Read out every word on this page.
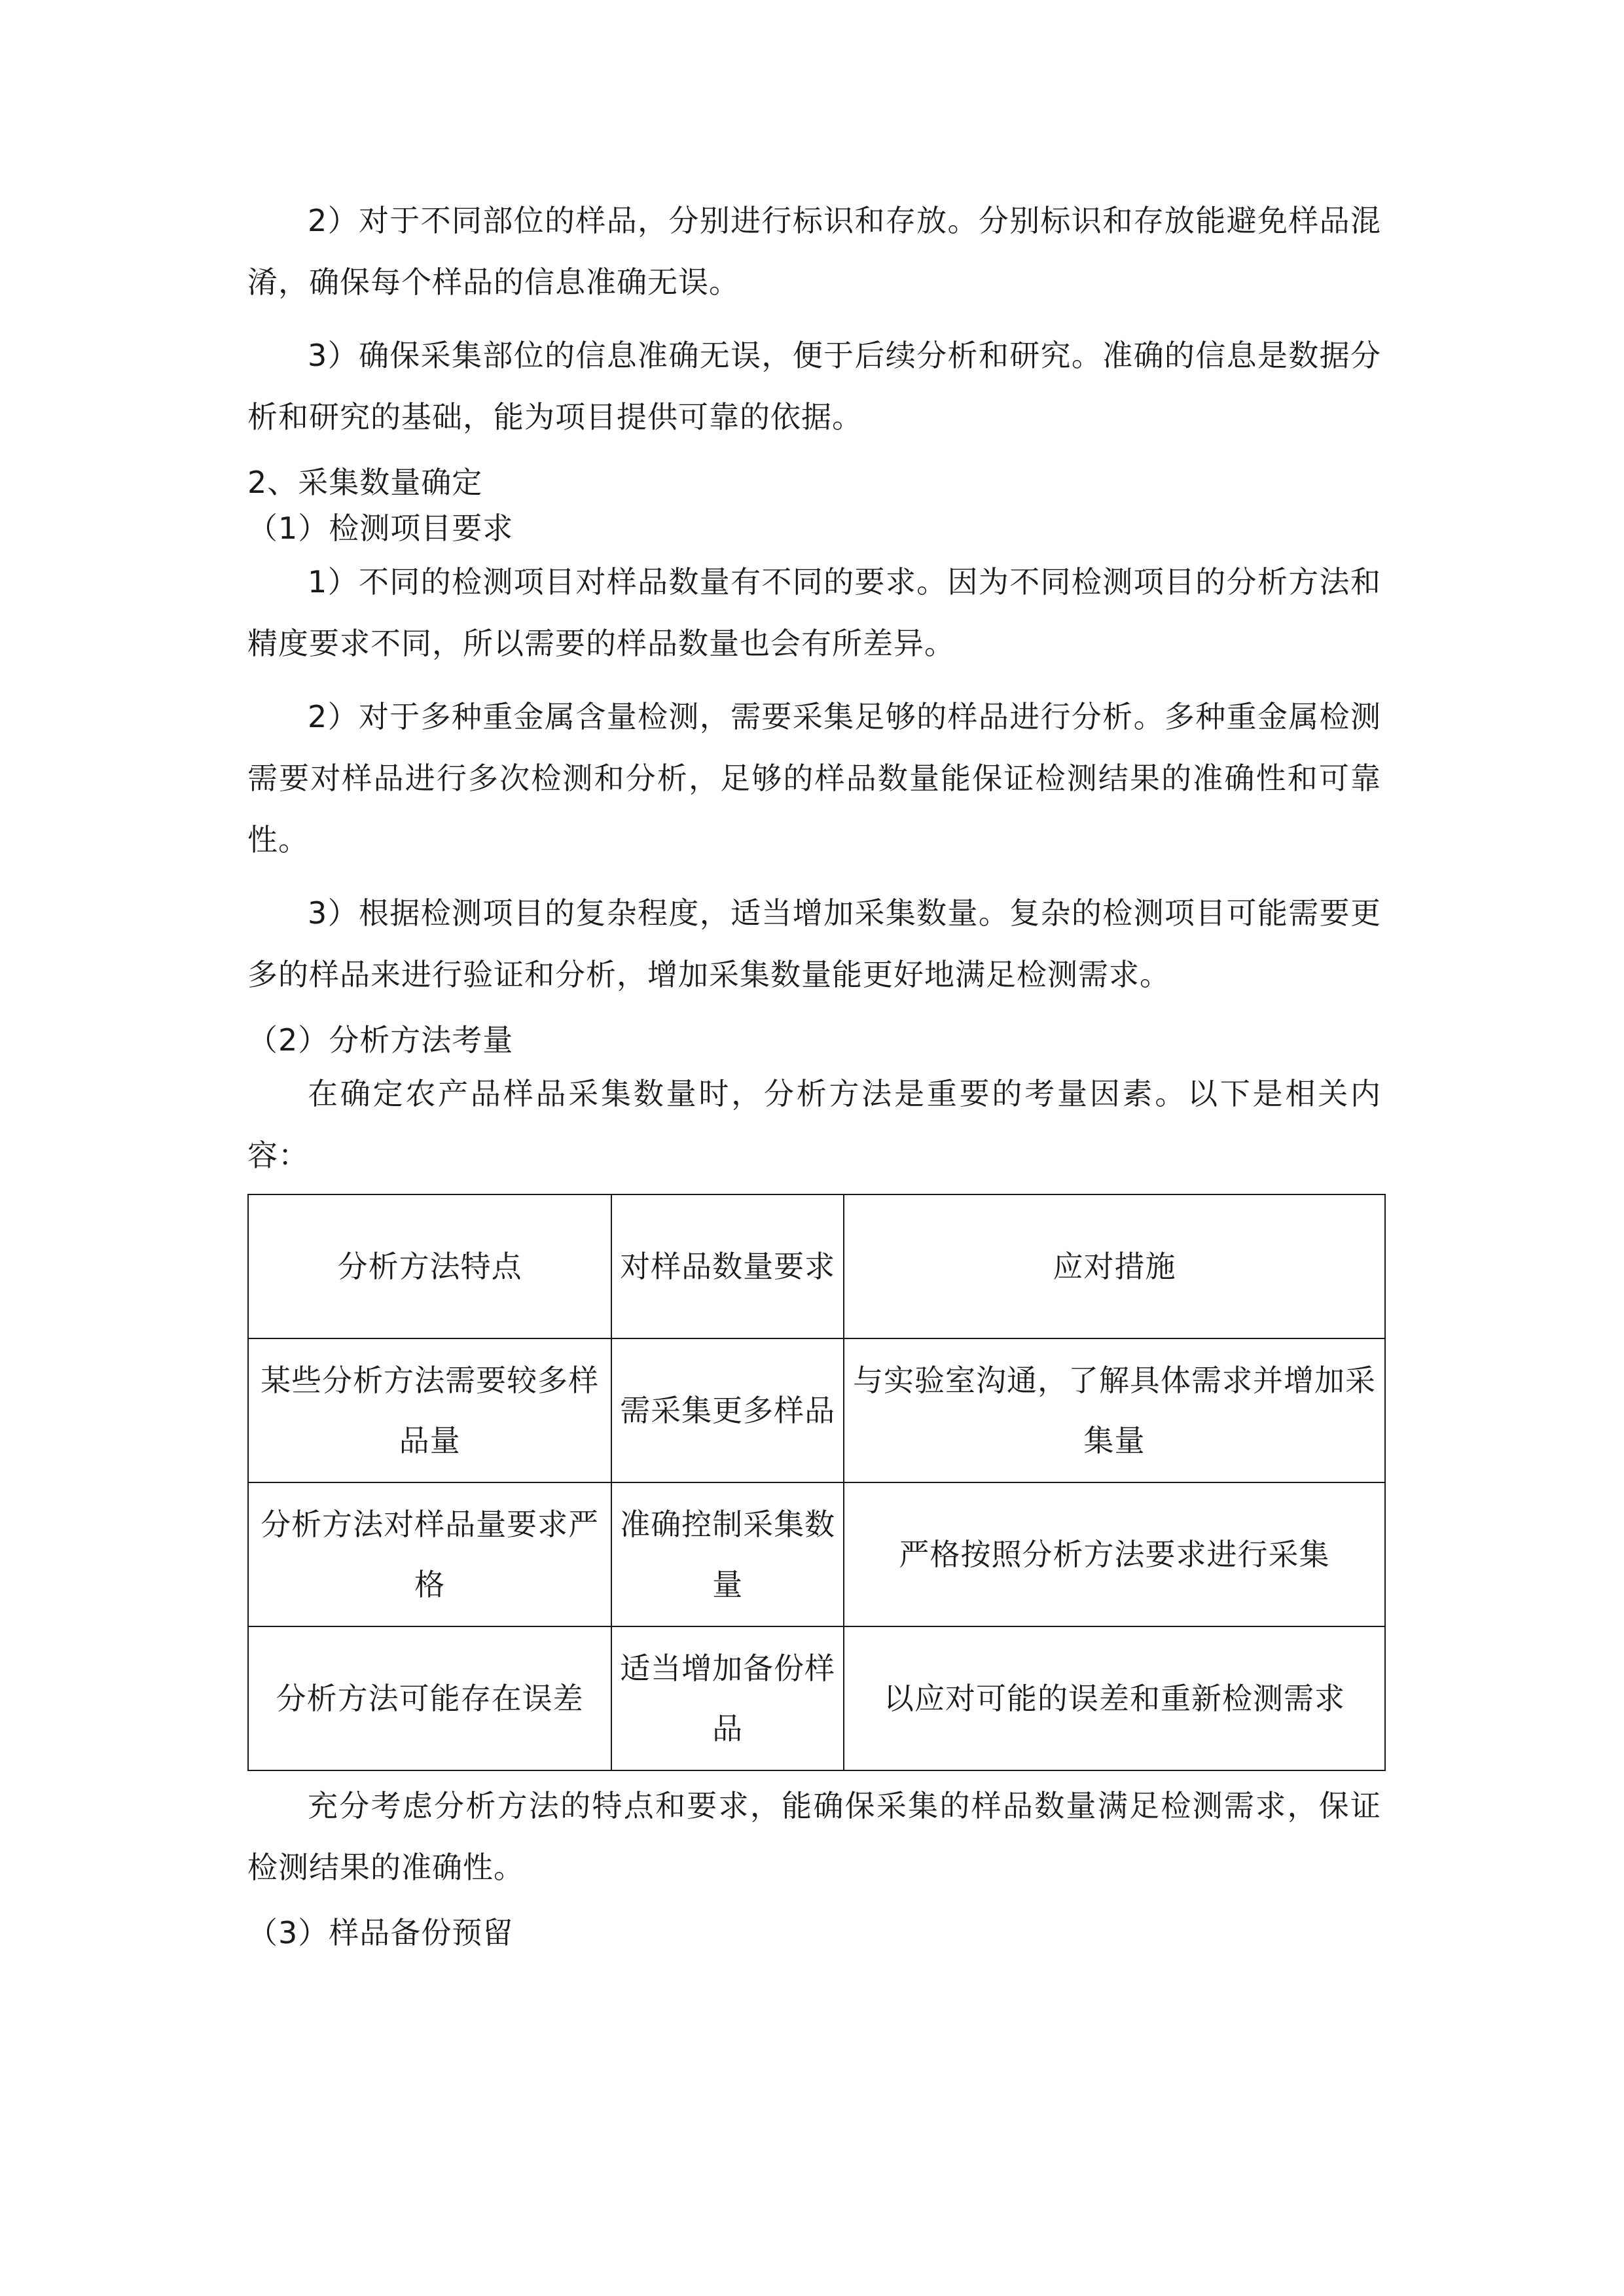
2）对于不同部位的样品，分别进行标识和存放。分别标识和存放能避免样品混淆，确保每个样品的信息准确无误。

3）确保采集部位的信息准确无误，便于后续分析和研究。准确的信息是数据分析和研究的基础，能为项目提供可靠的依据。

2、采集数量确定

（1）检测项目要求

1）不同的检测项目对样品数量有不同的要求。因为不同检测项目的分析方法和精度要求不同，所以需要的样品数量也会有所差异。

2）对于多种重金属含量检测，需要采集足够的样品进行分析。多种重金属检测需要对样品进行多次检测和分析，足够的样品数量能保证检测结果的准确性和可靠性。

3）根据检测项目的复杂程度，适当增加采集数量。复杂的检测项目可能需要更多的样品来进行验证和分析，增加采集数量能更好地满足检测需求。

（2）分析方法考量

在确定农产品样品采集数量时，分析方法是重要的考量因素。以下是相关内容：

分析方法特点	对样品数量要求	应对措施
某些分析方法需要较多样品量	需采集更多样品	与实验室沟通，了解具体需求并增加采集量
分析方法对样品量要求严格	准确控制采集数量	严格按照分析方法要求进行采集
分析方法可能存在误差	适当增加备份样品	以应对可能的误差和重新检测需求

充分考虑分析方法的特点和要求，能确保采集的样品数量满足检测需求，保证检测结果的准确性。

（3）样品备份预留
